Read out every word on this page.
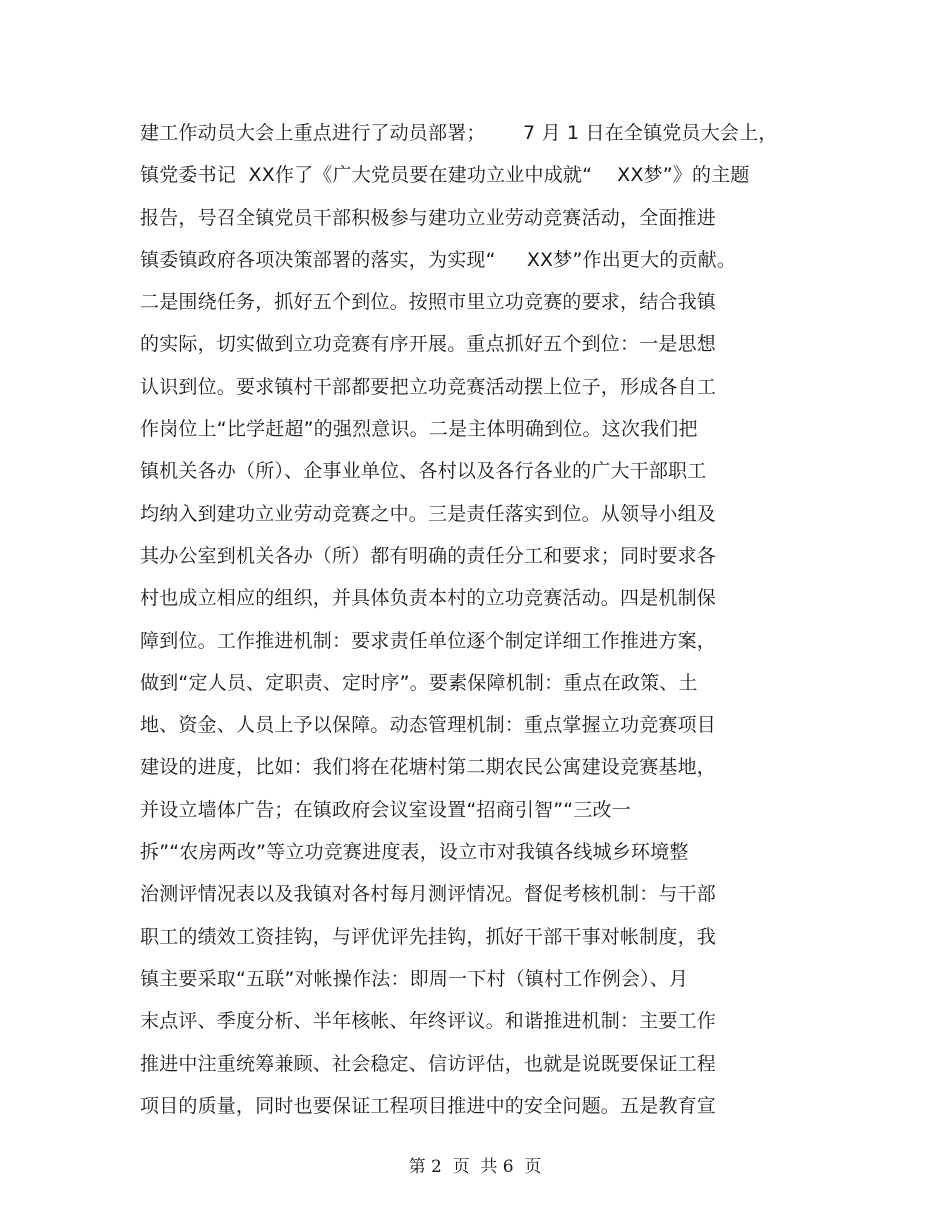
建工作动员大会上重点进行了动员部署；      7 月 1 日在全镇党员大会上，
镇党委书记  XX作了《广大党员要在建功立业中成就“    XX梦”》的主题
报告，号召全镇党员干部积极参与建功立业劳动竞赛活动，全面推进
镇委镇政府各项决策部署的落实，为实现“     XX梦”作出更大的贡献。
二是围绕任务，抓好五个到位。按照市里立功竞赛的要求，结合我镇
的实际，切实做到立功竞赛有序开展。重点抓好五个到位：一是思想
认识到位。要求镇村干部都要把立功竞赛活动摆上位子，形成各自工
作岗位上“比学赶超”的强烈意识。二是主体明确到位。这次我们把
镇机关各办（所）、企事业单位、各村以及各行各业的广大干部职工
均纳入到建功立业劳动竞赛之中。三是责任落实到位。从领导小组及
其办公室到机关各办（所）都有明确的责任分工和要求；同时要求各
村也成立相应的组织，并具体负责本村的立功竞赛活动。四是机制保
障到位。工作推进机制：要求责任单位逐个制定详细工作推进方案，
做到“定人员、定职责、定时序”。要素保障机制：重点在政策、土
地、资金、人员上予以保障。动态管理机制：重点掌握立功竞赛项目
建设的进度，比如：我们将在花塘村第二期农民公寓建设竞赛基地，
并设立墙体广告；在镇政府会议室设置“招商引智”“三改一
拆”“农房两改”等立功竞赛进度表，设立市对我镇各线城乡环境整
治测评情况表以及我镇对各村每月测评情况。督促考核机制：与干部
职工的绩效工资挂钩，与评优评先挂钩，抓好干部干事对帐制度，我
镇主要采取“五联”对帐操作法：即周一下村（镇村工作例会）、月
末点评、季度分析、半年核帐、年终评议。和谐推进机制：主要工作
推进中注重统筹兼顾、社会稳定、信访评估，也就是说既要保证工程
项目的质量，同时也要保证工程项目推进中的安全问题。五是教育宣
第 2  页  共 6  页
